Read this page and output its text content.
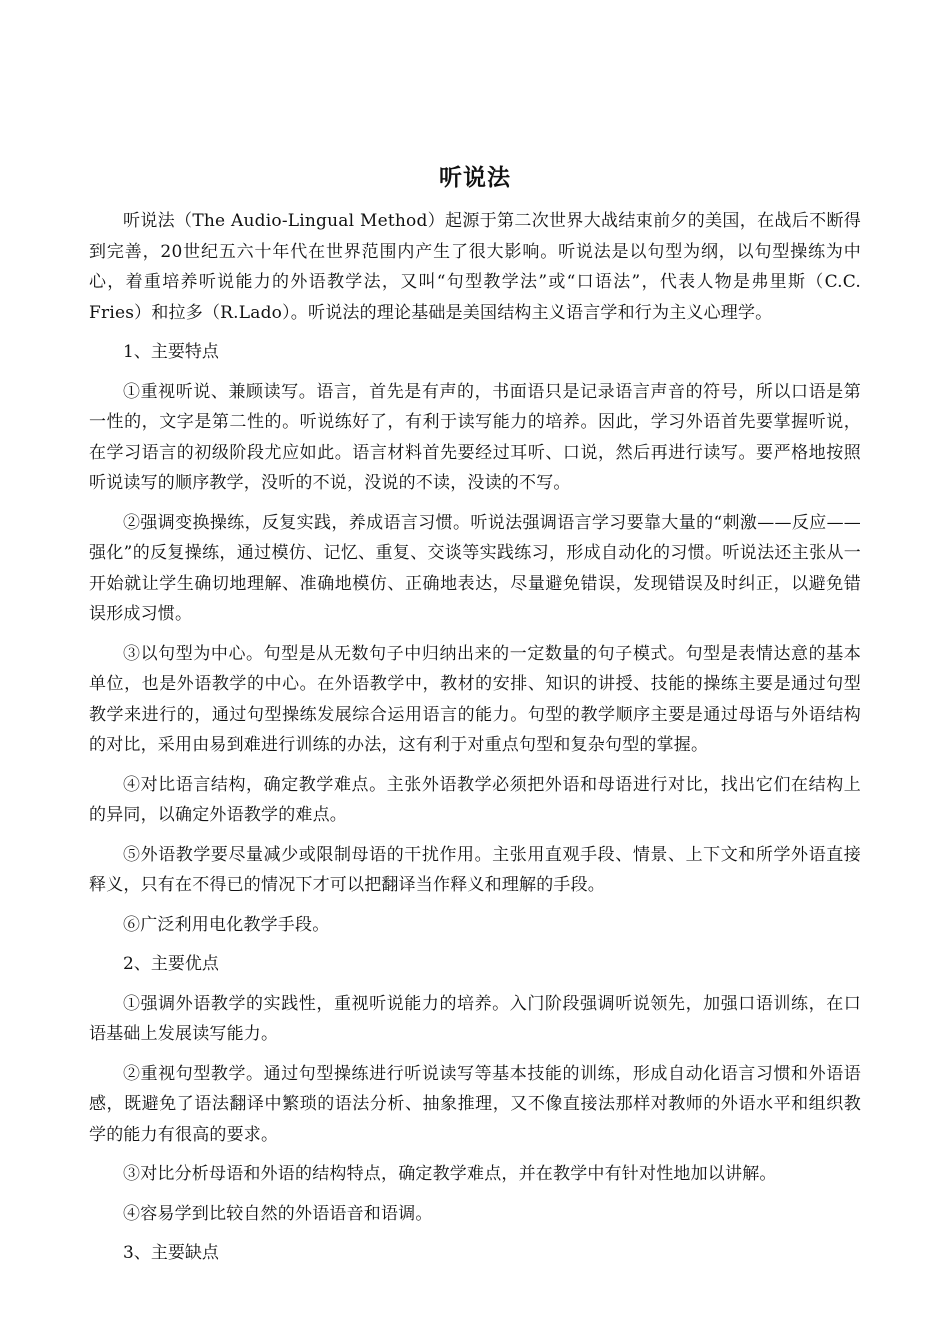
听说法

听说法（The Audio-Lingual Method）起源于第二次世界大战结束前夕的美国，在战后不断得到完善，20世纪五六十年代在世界范围内产生了很大影响。听说法是以句型为纲，以句型操练为中心，着重培养听说能力的外语教学法，又叫“句型教学法”或“口语法”，代表人物是弗里斯（C.C. Fries）和拉多（R.Lado）。听说法的理论基础是美国结构主义语言学和行为主义心理学。

1、主要特点

①重视听说、兼顾读写。语言，首先是有声的，书面语只是记录语言声音的符号，所以口语是第一性的，文字是第二性的。听说练好了，有利于读写能力的培养。因此，学习外语首先要掌握听说，在学习语言的初级阶段尤应如此。语言材料首先要经过耳听、口说，然后再进行读写。要严格地按照听说读写的顺序教学，没听的不说，没说的不读，没读的不写。

②强调变换操练，反复实践，养成语言习惯。听说法强调语言学习要靠大量的“刺激——反应——强化”的反复操练，通过模仿、记忆、重复、交谈等实践练习，形成自动化的习惯。听说法还主张从一开始就让学生确切地理解、准确地模仿、正确地表达，尽量避免错误，发现错误及时纠正，以避免错误形成习惯。

③以句型为中心。句型是从无数句子中归纳出来的一定数量的句子模式。句型是表情达意的基本单位，也是外语教学的中心。在外语教学中，教材的安排、知识的讲授、技能的操练主要是通过句型教学来进行的，通过句型操练发展综合运用语言的能力。句型的教学顺序主要是通过母语与外语结构的对比，采用由易到难进行训练的办法，这有利于对重点句型和复杂句型的掌握。

④对比语言结构，确定教学难点。主张外语教学必须把外语和母语进行对比，找出它们在结构上的异同，以确定外语教学的难点。

⑤外语教学要尽量减少或限制母语的干扰作用。主张用直观手段、情景、上下文和所学外语直接释义，只有在不得已的情况下才可以把翻译当作释义和理解的手段。

⑥广泛利用电化教学手段。

2、主要优点

①强调外语教学的实践性，重视听说能力的培养。入门阶段强调听说领先，加强口语训练，在口语基础上发展读写能力。

②重视句型教学。通过句型操练进行听说读写等基本技能的训练，形成自动化语言习惯和外语语感，既避免了语法翻译中繁琐的语法分析、抽象推理，又不像直接法那样对教师的外语水平和组织教学的能力有很高的要求。

③对比分析母语和外语的结构特点，确定教学难点，并在教学中有针对性地加以讲解。

④容易学到比较自然的外语语音和语调。

3、主要缺点
